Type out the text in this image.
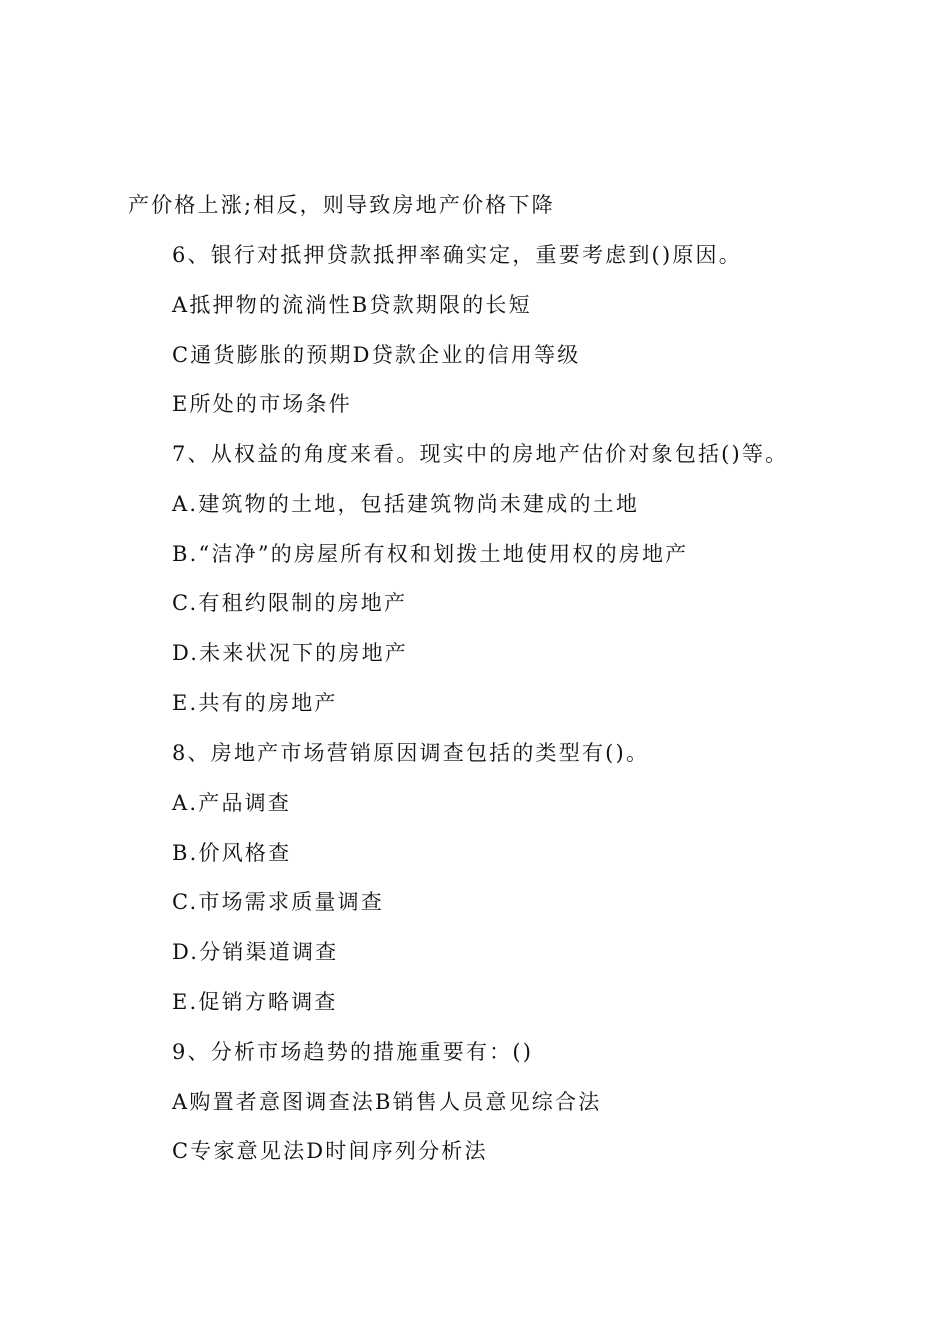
产价格上涨;相反，则导致房地产价格下降
6、银行对抵押贷款抵押率确实定，重要考虑到()原因。
A抵押物的流淌性B贷款期限的长短
C通货膨胀的预期D贷款企业的信用等级
E所处的市场条件
7、从权益的角度来看。现实中的房地产估价对象包括()等。
A.建筑物的土地，包括建筑物尚未建成的土地
B.“洁净”的房屋所有权和划拨土地使用权的房地产
C.有租约限制的房地产
D.未来状况下的房地产
E.共有的房地产
8、房地产市场营销原因调查包括的类型有()。
A.产品调查
B.价风格查
C.市场需求质量调查
D.分销渠道调查
E.促销方略调查
9、分析市场趋势的措施重要有：()
A购置者意图调查法B销售人员意见综合法
C专家意见法D时间序列分析法
